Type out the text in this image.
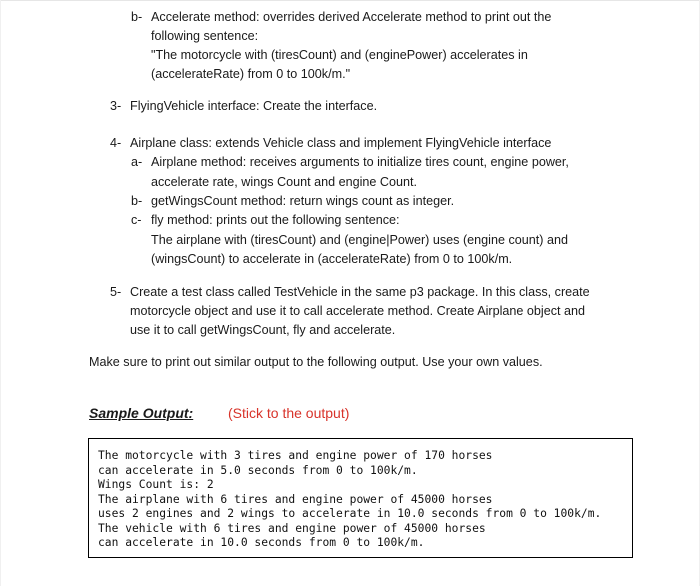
b- Accelerate method: overrides derived Accelerate method to print out the
following sentence:
"The motorcycle with (tiresCount) and (enginePower) accelerates in
(accelerateRate) from 0 to 100k/m."
3- FlyingVehicle interface: Create the interface.
4- Airplane class: extends Vehicle class and implement FlyingVehicle interface
a- Airplane method: receives arguments to initialize tires count, engine power,
accelerate rate, wings Count and engine Count.
b- getWingsCount method: return wings count as integer.
c- fly method: prints out the following sentence:
The airplane with (tiresCount) and (engine|Power) uses (engine count) and
(wingsCount) to accelerate in (accelerateRate) from 0 to 100k/m.
5- Create a test class called TestVehicle in the same p3 package. In this class, create
motorcycle object and use it to call accelerate method. Create Airplane object and
use it to call getWingsCount, fly and accelerate.
Make sure to print out similar output to the following output. Use your own values.
Sample Output: (Stick to the output)
The motorcycle with 3 tires and engine power of 170 horses
can accelerate in 5.0 seconds from 0 to 100k/m.
Wings Count is: 2
The airplane with 6 tires and engine power of 45000 horses
uses 2 engines and 2 wings to accelerate in 10.0 seconds from 0 to 100k/m.
The vehicle with 6 tires and engine power of 45000 horses
can accelerate in 10.0 seconds from 0 to 100k/m.
